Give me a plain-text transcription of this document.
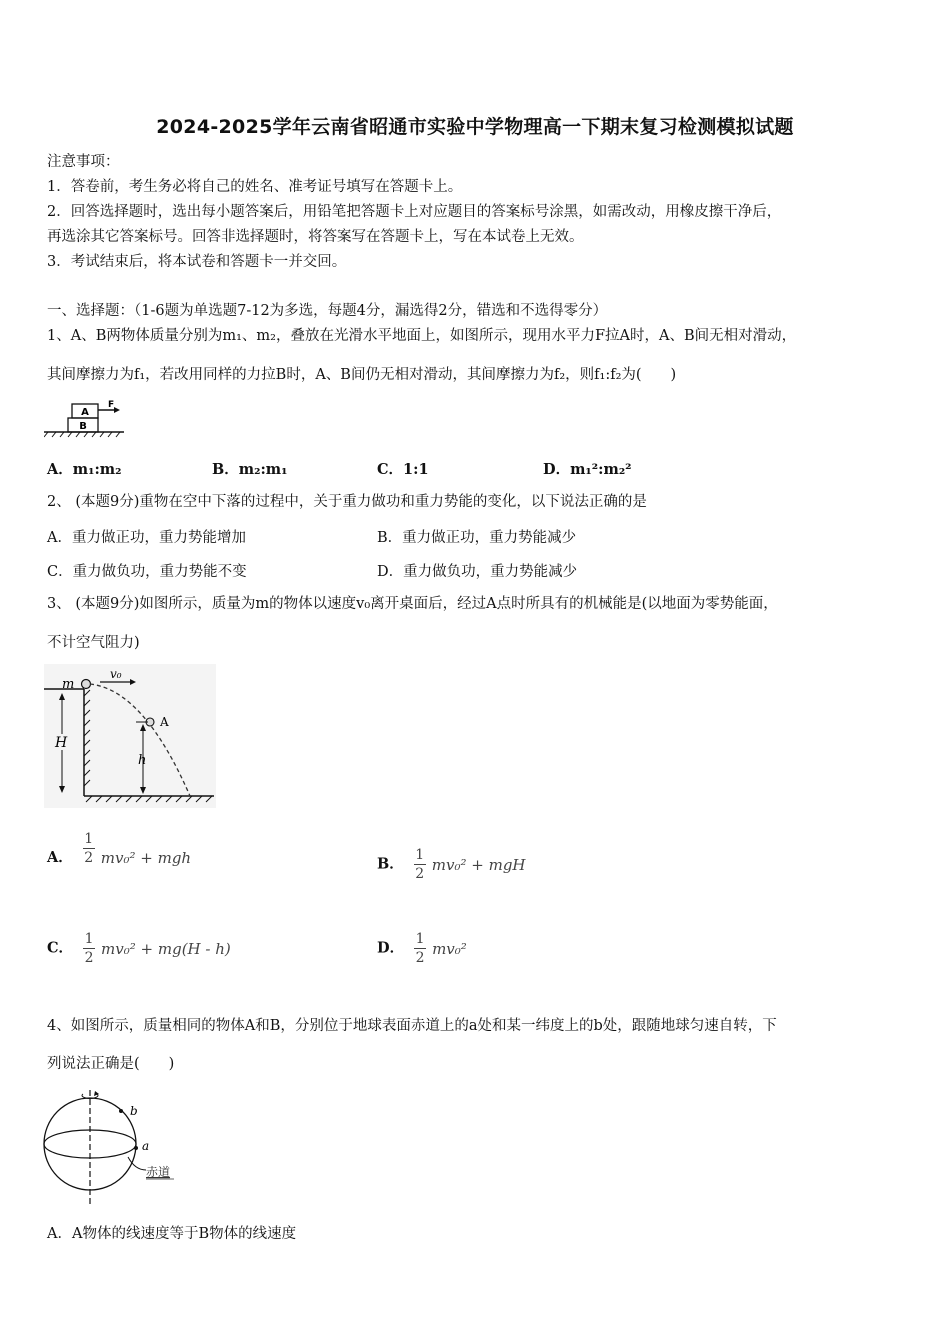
2024-2025学年云南省昭通市实验中学物理高一下期末复习检测模拟试题
注意事项：
1．答卷前，考生务必将自己的姓名、准考证号填写在答题卡上。
2．回答选择题时，选出每小题答案后，用铅笔把答题卡上对应题目的答案标号涂黑，如需改动，用橡皮擦干净后，
再选涂其它答案标号。回答非选择题时，将答案写在答题卡上，写在本试卷上无效。
3．考试结束后，将本试卷和答题卡一并交回。
一、选择题：（1-6题为单选题7-12为多选，每题4分，漏选得2分，错选和不选得零分）
1、A、B两物体质量分别为m₁、m₂，叠放在光滑水平地面上，如图所示，现用水平力F拉A时，A、B间无相对滑动，
其间摩擦力为f₁，若改用同样的力拉B时，A、B间仍无相对滑动，其间摩擦力为f₂，则f₁:f₂为(　　)
A
B
F
A．m₁:m₂	B．m₂:m₁	C．1:1	D．m₁²:m₂²
2、 (本题9分)重物在空中下落的过程中，关于重力做功和重力势能的变化，以下说法正确的是
A．重力做正功，重力势能增加	B．重力做正功，重力势能减少
C．重力做负功，重力势能不变	D．重力做负功，重力势能减少
3、 (本题9分)如图所示，质量为m的物体以速度v₀离开桌面后，经过A点时所具有的机械能是(以地面为零势能面，
不计空气阻力)
m
v₀
A
h
H
A． $\frac{1}{2} mv_0^2$ + mgh	B． $\frac{1}{2} mv_0^2$ + mgH
C． $\frac{1}{2} mv_0^2 + mg(H - h)$	D． $\frac{1}{2} mv_0^2$
4、如图所示，质量相同的物体A和B，分别位于地球表面赤道上的a处和某一纬度上的b处，跟随地球匀速自转，下
列说法正确是(　　)
b
a
赤道
A．A物体的线速度等于B物体的线速度
